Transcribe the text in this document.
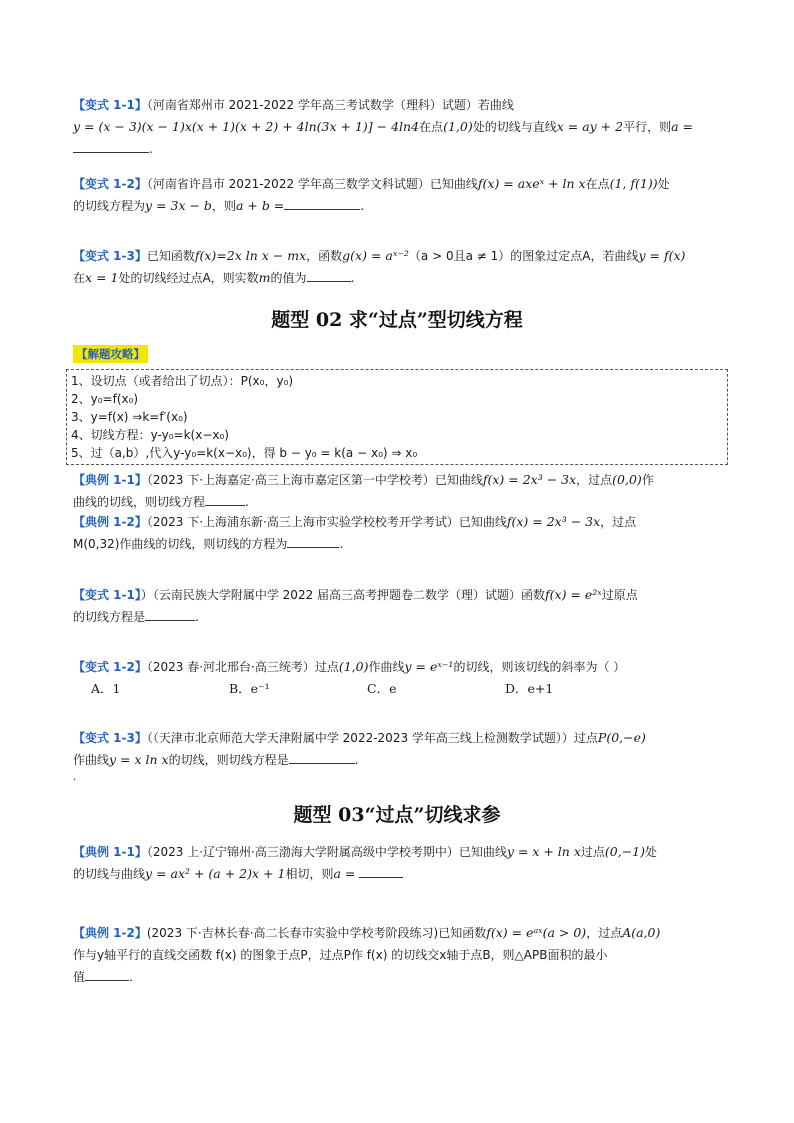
【变式 1-1】（河南省郑州市 2021-2022 学年高三考试数学（理科）试题）若曲线
y = (x − 3)(x − 1)x(x + 1)(x + 2) + 4ln(3x + 1)] − 4ln4在点(1,0)处的切线与直线x = ay + 2平行，则a =
.
【变式 1-2】（河南省许昌市 2021-2022 学年高三数学文科试题）已知曲线f(x) = axeˣ + ln x在点(1, f(1))处
的切线方程为y = 3x − b，则a + b =	.
【变式 1-3】已知函数f(x)=2x ln x − mx，函数g(x) = aˣ⁻²（a > 0且a ≠ 1）的图象过定点A，若曲线y = f(x)
在x = 1处的切线经过点A，则实数m的值为	.
题型 02 求“过点”型切线方程
【解题攻略】
1、设切点（或者给出了切点）：P(x₀，y₀)
2、y₀=f(x₀)
3、y=f(x) ⇒k=f′(x₀)
4、切线方程：y-y₀=k(x−x₀)
5、过（a,b）,代入y-y₀=k(x−x₀)，得 b − y₀ = k(a − x₀) ⇒ x₀
【典例 1-1】（2023 下·上海嘉定·高三上海市嘉定区第一中学校考）已知曲线f(x) = 2x³ − 3x，过点(0,0)作
曲线的切线，则切线方程	.
【典例 1-2】（2023 下·上海浦东新·高三上海市实验学校校考开学考试）已知曲线f(x) = 2x³ − 3x，过点
M(0,32)作曲线的切线，则切线的方程为	.
【变式 1-1】）（云南民族大学附属中学 2022 届高三高考押题卷二数学（理）试题）函数f(x) = e²ˣ过原点
的切线方程是	.
【变式 1-2】（2023 春·河北邢台·高三统考）过点(1,0)作曲线y = eˣ⁻¹的切线，则该切线的斜率为（ ）

A．1	B．e⁻¹	C．e	D．e+1
【变式 1-3】（（天津市北京师范大学天津附属中学 2022-2023 学年高三线上检测数学试题））过点P(0,−e)
作曲线y = x ln x的切线，则切线方程是	.
.
题型 03“过点”切线求参
【典例 1-1】（2023 上·辽宁锦州·高三渤海大学附属高级中学校考期中）已知曲线y = x + ln x过点(0,−1)处
的切线与曲线y = ax² + (a + 2)x + 1相切，则a =
【典例 1-2】(2023 下·吉林长春·高二长春市实验中学校考阶段练习)已知函数f(x) = eᵃˣ(a > 0)，过点A(a,0)
作与y轴平行的直线交函数 f(x) 的图象于点P，过点P作 f(x) 的切线交x轴于点B，则△APB面积的最小
值	.
